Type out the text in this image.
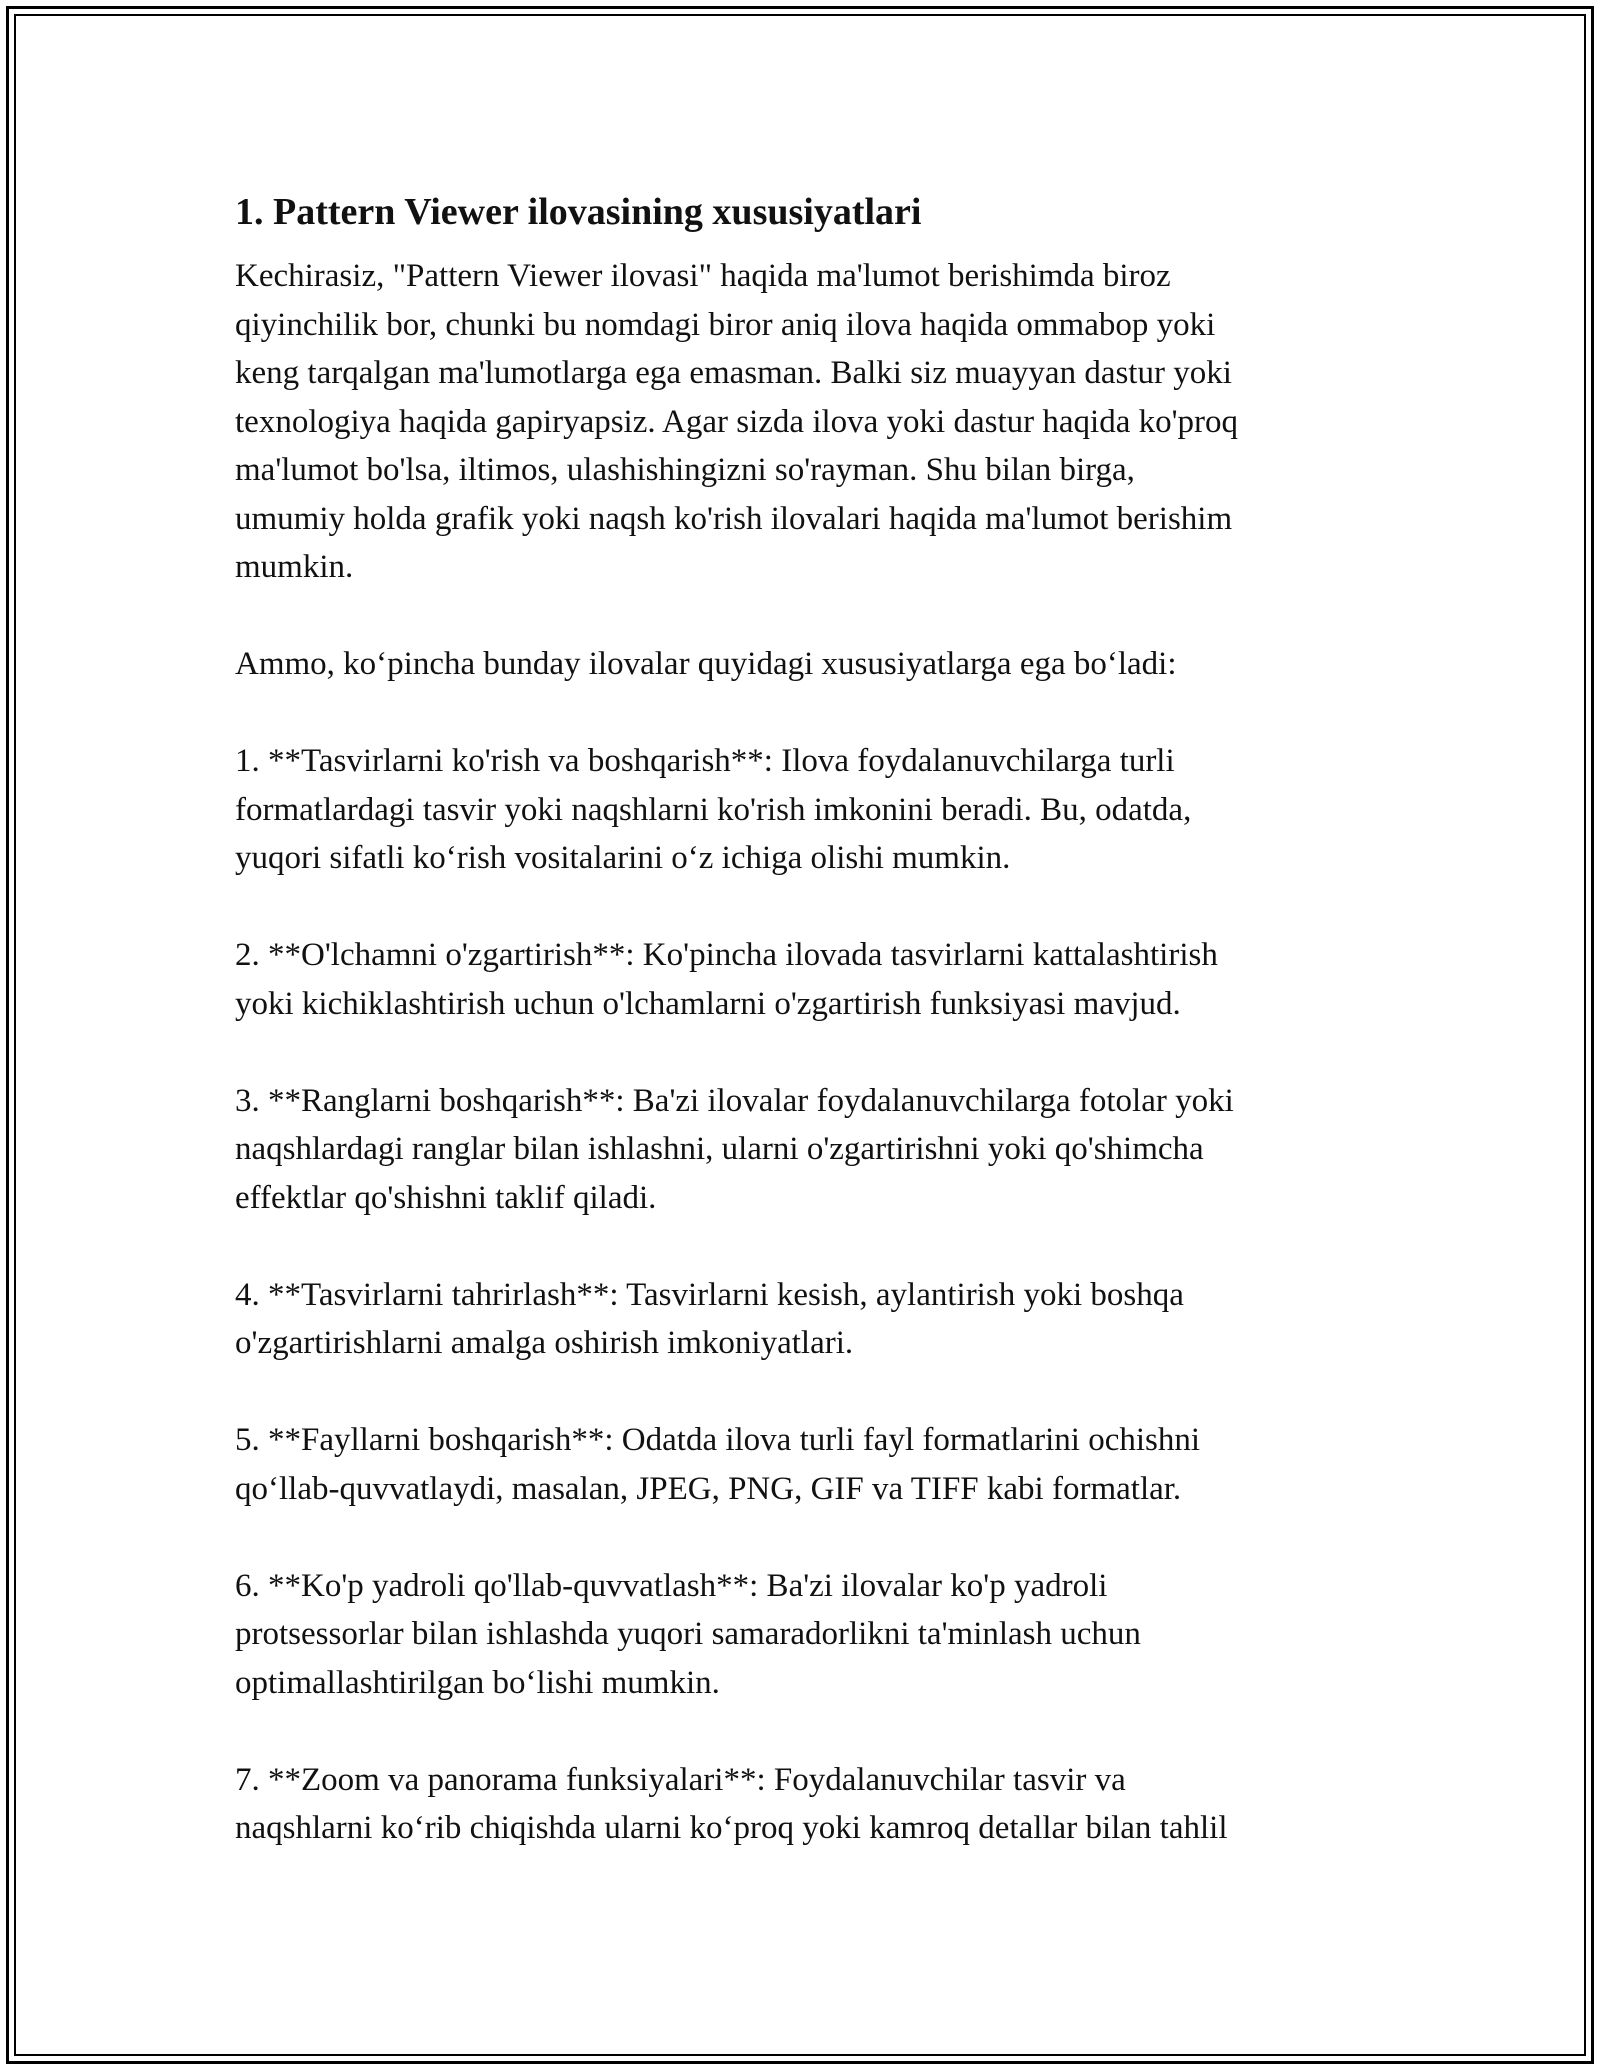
1. Pattern Viewer ilovasining xususiyatlari

Kechirasiz, "Pattern Viewer ilovasi" haqida ma'lumot berishimda biroz
qiyinchilik bor, chunki bu nomdagi biror aniq ilova haqida ommabop yoki
keng tarqalgan ma'lumotlarga ega emasman. Balki siz muayyan dastur yoki
texnologiya haqida gapiryapsiz. Agar sizda ilova yoki dastur haqida ko'proq
ma'lumot bo'lsa, iltimos, ulashishingizni so'rayman. Shu bilan birga,
umumiy holda grafik yoki naqsh ko'rish ilovalari haqida ma'lumot berishim
mumkin.

Ammo, ko‘pincha bunday ilovalar quyidagi xususiyatlarga ega bo‘ladi:

1. **Tasvirlarni ko'rish va boshqarish**: Ilova foydalanuvchilarga turli
formatlardagi tasvir yoki naqshlarni ko'rish imkonini beradi. Bu, odatda,
yuqori sifatli ko‘rish vositalarini o‘z ichiga olishi mumkin.

2. **O'lchamni o'zgartirish**: Ko'pincha ilovada tasvirlarni kattalashtirish
yoki kichiklashtirish uchun o'lchamlarni o'zgartirish funksiyasi mavjud.

3. **Ranglarni boshqarish**: Ba'zi ilovalar foydalanuvchilarga fotolar yoki
naqshlardagi ranglar bilan ishlashni, ularni o'zgartirishni yoki qo'shimcha
effektlar qo'shishni taklif qiladi.

4. **Tasvirlarni tahrirlash**: Tasvirlarni kesish, aylantirish yoki boshqa
o'zgartirishlarni amalga oshirish imkoniyatlari.

5. **Fayllarni boshqarish**: Odatda ilova turli fayl formatlarini ochishni
qo‘llab-quvvatlaydi, masalan, JPEG, PNG, GIF va TIFF kabi formatlar.

6. **Ko'p yadroli qo'llab-quvvatlash**: Ba'zi ilovalar ko'p yadroli
protsessorlar bilan ishlashda yuqori samaradorlikni ta'minlash uchun
optimallashtirilgan bo‘lishi mumkin.

7. **Zoom va panorama funksiyalari**: Foydalanuvchilar tasvir va
naqshlarni ko‘rib chiqishda ularni ko‘proq yoki kamroq detallar bilan tahlil
